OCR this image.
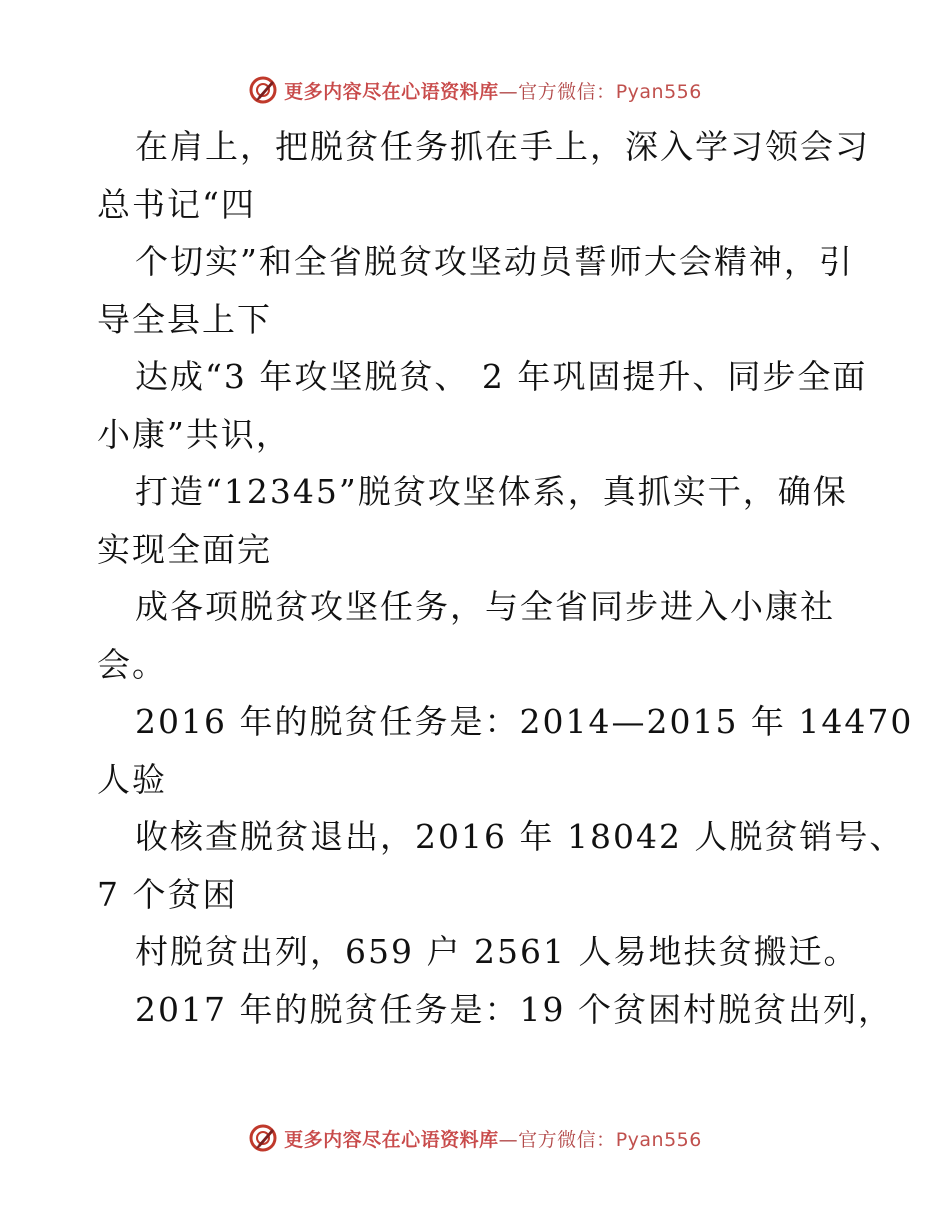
更多内容尽在心语资料库—官方微信：Pyan556
在肩上，把脱贫任务抓在手上，深入学习领会习
总书记“四
个切实”和全省脱贫攻坚动员誓师大会精神，引
导全县上下
达成“3 年攻坚脱贫、 2 年巩固提升、同步全面
小康”共识，
打造“12345”脱贫攻坚体系，真抓实干，确保
实现全面完
成各项脱贫攻坚任务，与全省同步进入小康社
会。
2016 年的脱贫任务是：2014—2015 年 14470
人验
收核查脱贫退出，2016 年 18042 人脱贫销号、
7 个贫困
村脱贫出列，659 户 2561 人易地扶贫搬迁。
2017 年的脱贫任务是：19 个贫困村脱贫出列，
更多内容尽在心语资料库—官方微信：Pyan556
